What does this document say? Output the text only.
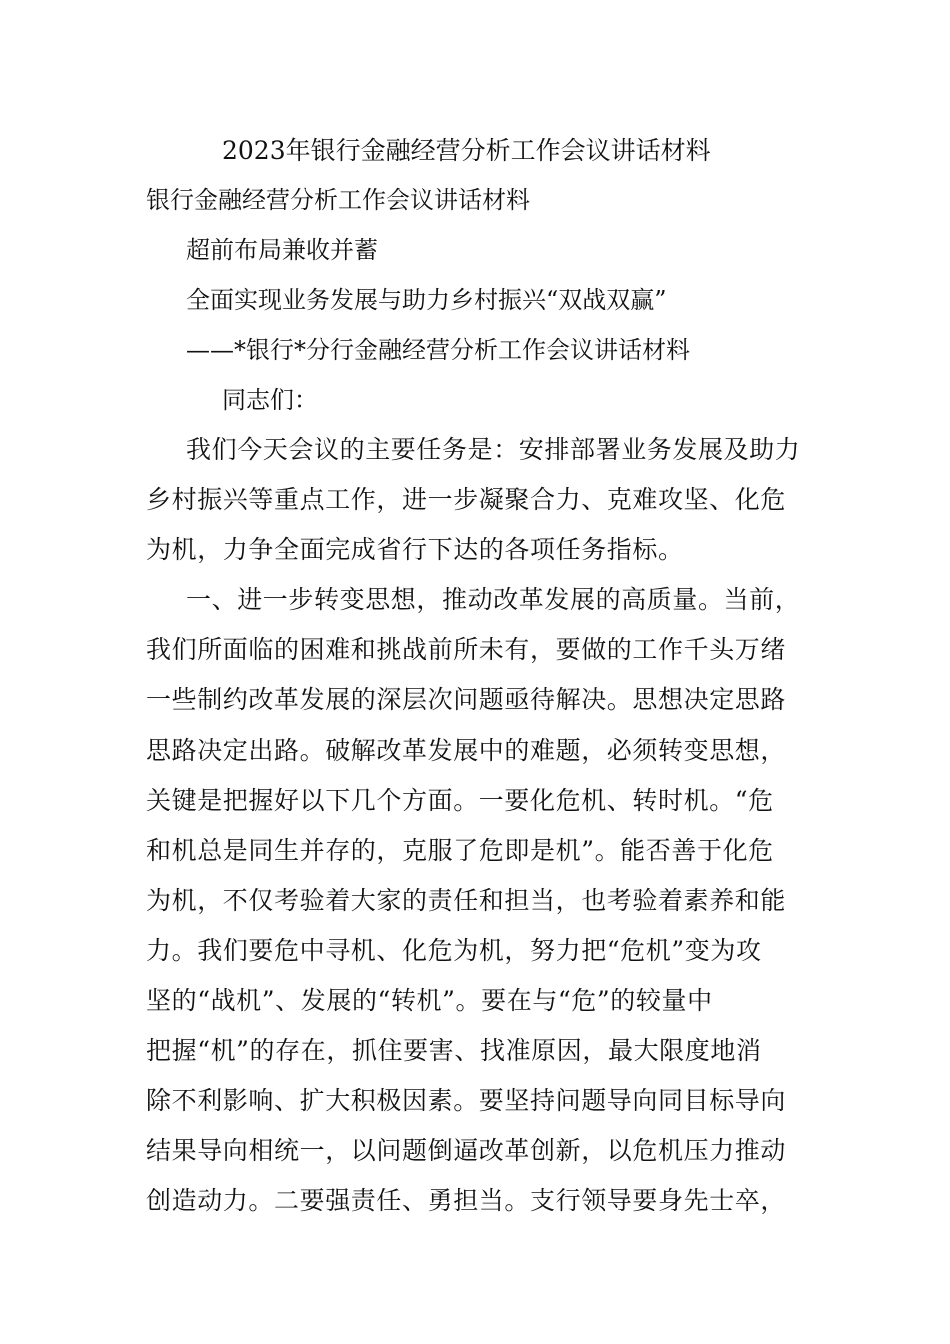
2023年银行金融经营分析工作会议讲话材料
银行金融经营分析工作会议讲话材料
超前布局兼收并蓄
全面实现业务发展与助力乡村振兴“双战双赢”
——*银行*分行金融经营分析工作会议讲话材料
同志们：
我们今天会议的主要任务是：安排部署业务发展及助力
乡村振兴等重点工作，进一步凝聚合力、克难攻坚、化危
为机，力争全面完成省行下达的各项任务指标。
一、进一步转变思想，推动改革发展的高质量。当前，
我们所面临的困难和挑战前所未有，要做的工作千头万绪
一些制约改革发展的深层次问题亟待解决。思想决定思路
思路决定出路。破解改革发展中的难题，必须转变思想，
关键是把握好以下几个方面。一要化危机、转时机。“危
和机总是同生并存的，克服了危即是机”。能否善于化危
为机，不仅考验着大家的责任和担当，也考验着素养和能
力。我们要危中寻机、化危为机，努力把“危机”变为攻
坚的“战机”、发展的“转机”。要在与“危”的较量中
把握“机”的存在，抓住要害、找准原因，最大限度地消
除不利影响、扩大积极因素。要坚持问题导向同目标导向
结果导向相统一，以问题倒逼改革创新，以危机压力推动
创造动力。二要强责任、勇担当。支行领导要身先士卒，
